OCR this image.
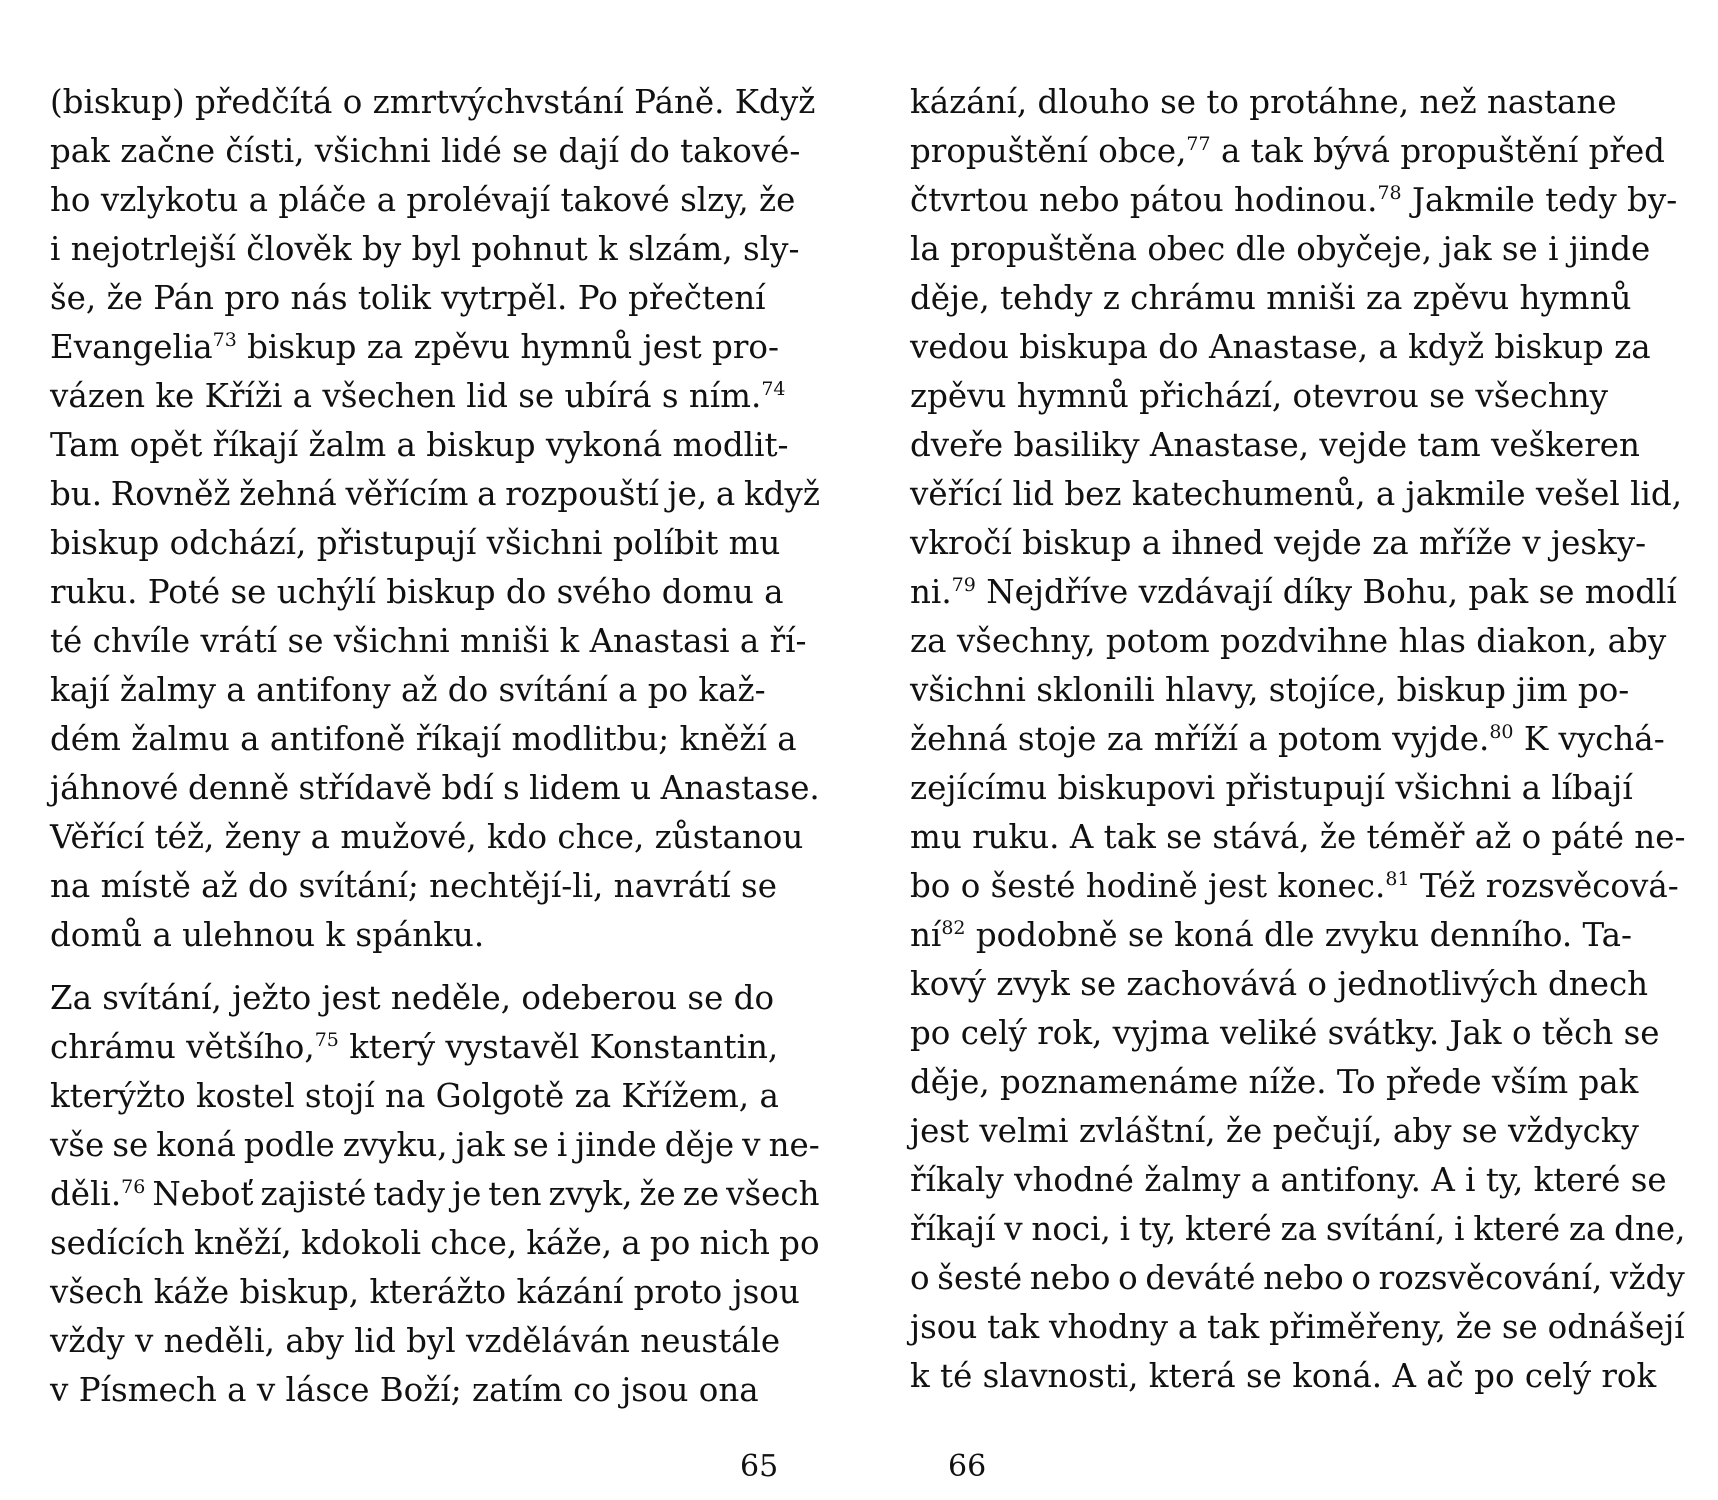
(biskup) předčítá o zmrtvýchvstání Páně. Když
pak začne čísti, všichni lidé se dají do takové-
ho vzlykotu a pláče a prolévají takové slzy, že
i nejotrlejší člověk by byl pohnut k slzám, sly-
še, že Pán pro nás tolik vytrpěl. Po přečtení
Evangelia$^{73}$ biskup za zpěvu hymnů jest pro-
vázen ke Kříži a všechen lid se ubírá s ním.$^{74}$
Tam opět říkají žalm a biskup vykoná modlit-
bu. Rovněž žehná věřícím a rozpouští je, a když
biskup odchází, přistupují všichni políbit mu
ruku. Poté se uchýlí biskup do svého domu a
té chvíle vrátí se všichni mniši k Anastasi a ří-
kají žalmy a antifony až do svítání a po kaž-
dém žalmu a antifoně říkají modlitbu; kněží a
jáhnové denně střídavě bdí s lidem u Anastase.
Věřící též, ženy a mužové, kdo chce, zůstanou
na místě až do svítání; nechtějí-li, navrátí se
domů a ulehnou k spánku.
Za svítání, ježto jest neděle, odeberou se do
chrámu většího,$^{75}$ který vystavěl Konstantin,
kterýžto kostel stojí na Golgotě za Křížem, a
vše se koná podle zvyku, jak se i jinde děje v ne-
děli.$^{76}$ Neboť zajisté tady je ten zvyk, že ze všech
sedících kněží, kdokoli chce, káže, a po nich po
všech káže biskup, kterážto kázání proto jsou
vždy v neděli, aby lid byl vzděláván neustále
v Písmech a v lásce Boží; zatím co jsou ona
kázání, dlouho se to protáhne, než nastane
propuštění obce,$^{77}$ a tak bývá propuštění před
čtvrtou nebo pátou hodinou.$^{78}$ Jakmile tedy by-
la propuštěna obec dle obyčeje, jak se i jinde
děje, tehdy z chrámu mniši za zpěvu hymnů
vedou biskupa do Anastase, a když biskup za
zpěvu hymnů přichází, otevrou se všechny
dveře basiliky Anastase, vejde tam veškeren
věřící lid bez katechumenů, a jakmile vešel lid,
vkročí biskup a ihned vejde za mříže v jesky-
ni.$^{79}$ Nejdříve vzdávají díky Bohu, pak se modlí
za všechny, potom pozdvihne hlas diakon, aby
všichni sklonili hlavy, stojíce, biskup jim po-
žehná stoje za mříží a potom vyjde.$^{80}$ K vychá-
zejícímu biskupovi přistupují všichni a líbají
mu ruku. A tak se stává, že téměř až o páté ne-
bo o šesté hodině jest konec.$^{81}$ Též rozsvěcová-
$ní^{82}$ podobně se koná dle zvyku denního. Ta-
kový zvyk se zachovává o jednotlivých dnech
po celý rok, vyjma veliké svátky. Jak o těch se
děje, poznamenáme níže. To přede vším pak
jest velmi zvláštní, že pečují, aby se vždycky
říkaly vhodné žalmy a antifony. A i ty, které se
říkají v noci, i ty, které za svítání, i které za dne,
o šesté nebo o deváté nebo o rozsvěcování, vždy
jsou tak vhodny a tak přiměřeny, že se odnášejí
k té slavnosti, která se koná. A ač po celý rok
65	66
